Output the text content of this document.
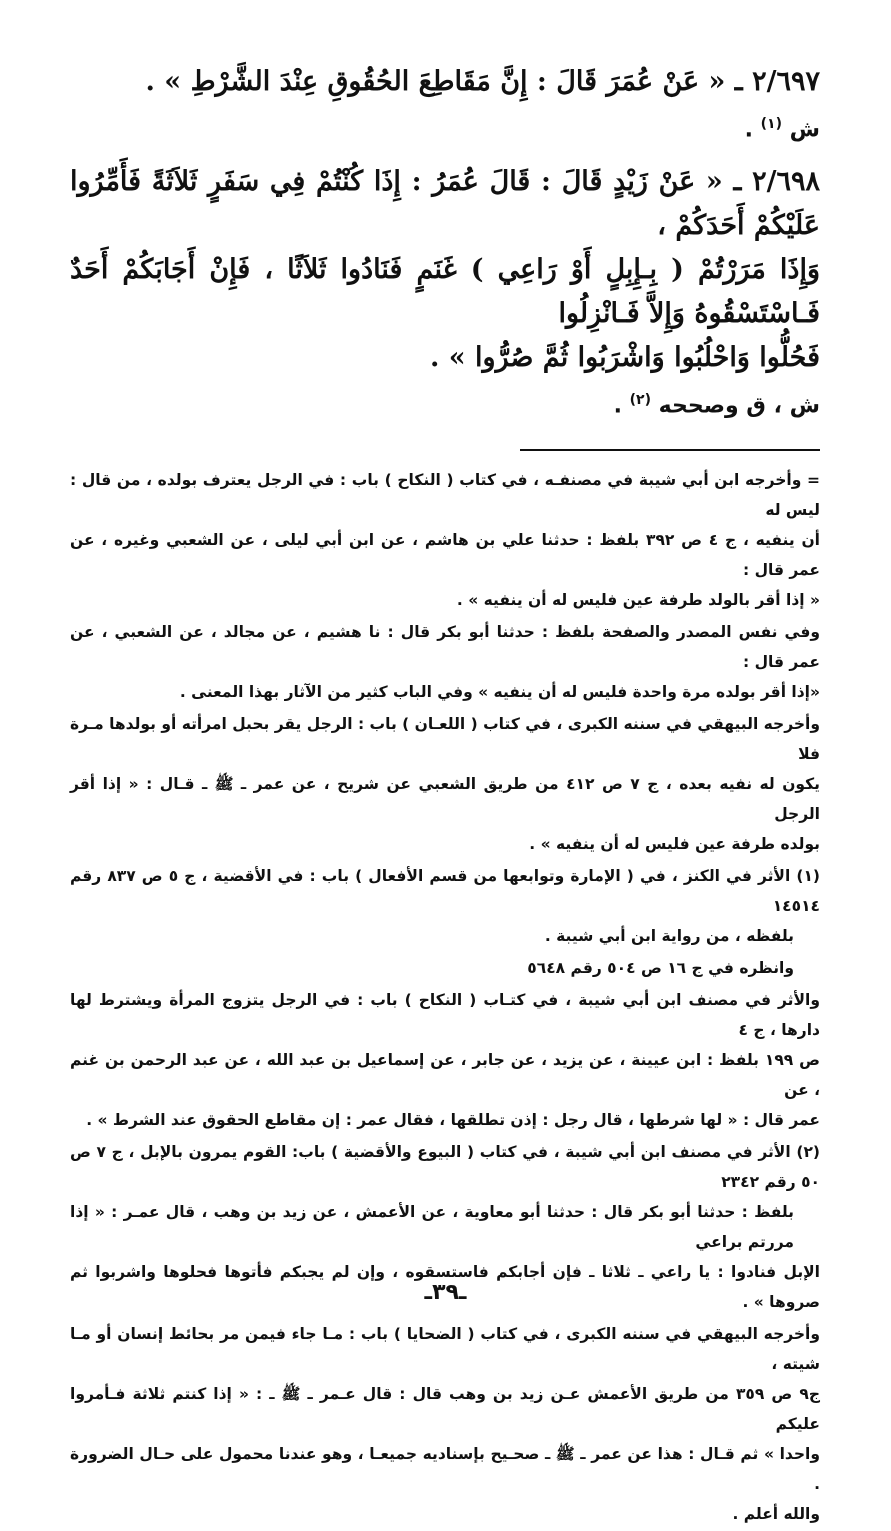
٢/٦٩٧ ـ « عَنْ عُمَرَ قَالَ : إِنَّ مَقَاطِعَ الحُقُوقِ عِنْدَ الشَّرْطِ » .

ش $^{(١)}$ .

٢/٦٩٨ ـ « عَنْ زَيْدٍ قَالَ : قَالَ عُمَرُ : إِذَا كُنْتُمْ فِي سَفَرٍ ثَلاَثَةً فَأَمِّرُوا عَلَيْكُمْ أَحَدَكُمْ ،

وَإِذَا مَرَرْتُمْ ( بِـإِبِلٍ أَوْ رَاعِي ) غَنَمٍ فَنَادُوا ثَلاَثًا ، فَإِنْ أَجَابَكُمْ أَحَدٌ فَـاسْتَسْقُوهُ وَإِلاَّ فَـانْزِلُوا

فَحُلُّوا وَاحْلُبُوا وَاشْرَبُوا ثُمَّ صُرُّوا » .

ش ، ق وصححه $^{(٢)}$ .

= وأخرجه ابن أبي شيبة في مصنفـه ، في كتاب ( النكاح ) باب : في الرجل يعترف بولده ، من قال : ليس له

أن ينفيه ، ج ٤ ص ٣٩٢ بلفظ : حدثنا علي بن هاشم ، عن ابن أبي ليلى ، عن الشعبي وغيره ، عن عمر قال :

« إذا أقر بالولد طرفة عين فليس له أن ينفيه » .

وفي نفس المصدر والصفحة بلفظ : حدثنا أبو بكر قال : نا هشيم ، عن مجالد ، عن الشعبي ، عن عمر قال :

«إذا أقر بولده مرة واحدة فليس له أن ينفيه » وفي الباب كثير من الآثار بهذا المعنى .

وأخرجه البيهقي في سننه الكبرى ، في كتاب ( اللعـان ) باب : الرجل يقر بحبل امرأته أو بولدها مـرة فلا

يكون له نفيه بعده ، ج ٧ ص ٤١٢ من طريق الشعبي عن شريح ، عن عمر ـ ﷺ ـ قـال : « إذا أقر الرجل

بولده طرفة عين فليس له أن ينفيه » .

(١) الأثر في الكنز ، في ( الإمارة وتوابعها من قسم الأفعال ) باب : في الأقضية ، ج ٥ ص ٨٣٧ رقم ١٤٥١٤

بلفظه ، من رواية ابن أبي شيبة .

وانظره في ج ١٦ ص ٥٠٤ رقم ٥٦٤٨

والأثر في مصنف ابن أبي شيبة ، في كتـاب ( النكاح ) باب : في الرجل يتزوج المرأة ويشترط لها دارها ، ج ٤

ص ١٩٩ بلفظ : ابن عيينة ، عن يزيد ، عن جابر ، عن إسماعيل بن عبد الله ، عن عبد الرحمن بن غنم ، عن

عمر قال : « لها شرطها ، قال رجل : إذن تطلقها ، فقال عمر : إن مقاطع الحقوق عند الشرط » .

(٢) الأثر في مصنف ابن أبي شيبة ، في كتاب ( البيوع والأقضية ) باب: القوم يمرون بالإبل ، ج ٧ ص ٥٠ رقم ٢٣٤٢

بلفظ : حدثنا أبو بكر قال : حدثنا أبو معاوية ، عن الأعمش ، عن زيد بن وهب ، قال عمـر : « إذا مررتم براعي

الإبل فنادوا : يا راعي ـ ثلاثا ـ فإن أجابكم فاستسقوه ، وإن لم يجبكم فأتوها فحلوها واشربوا ثم صروها » .

وأخرجه البيهقي في سننه الكبرى ، في كتاب ( الضحايا ) باب : مـا جاء فيمن مر بحائط إنسان أو مـا شيته ،

ج٩ ص ٣٥٩ من طريق الأعمش عـن زيد بن وهب قال : قال عـمر ـ ﷺ ـ : « إذا كنتم ثلاثة فـأمروا عليكم

واحدا » ثم قـال : هذا عن عمر ـ ﷺ ـ صحـيح بإسناديه جميعـا ، وهو عندنا محمول على حـال الضرورة .

والله أعلم .

ـ٣٩ـ
